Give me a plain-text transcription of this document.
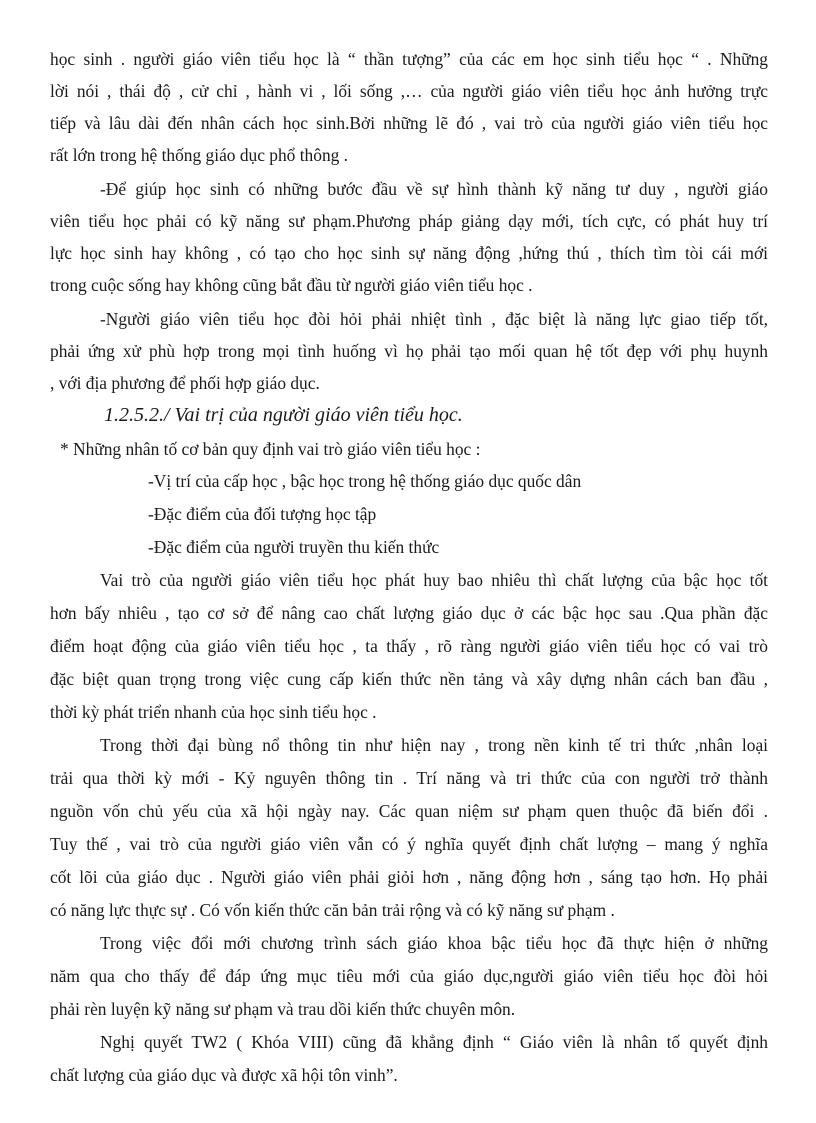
học sinh . người giáo viên tiểu học là “ thần tượng” của các em học sinh tiểu học “ . Những
lời nói , thái độ , cử chỉ , hành vi , lối sống ,… của người giáo viên tiểu học ảnh hưởng trực
tiếp và lâu dài đến nhân cách học sinh.Bởi những lẽ đó , vai trò của người giáo viên tiểu học
rất lớn trong hệ thống giáo dục phổ thông .
-Để giúp học sinh có những bước đầu về sự hình thành kỹ năng tư duy , người giáo
viên tiểu học phải có kỹ năng sư phạm.Phương pháp giảng dạy mới, tích cực, có phát huy trí
lực học sinh hay không , có tạo cho học sinh sự năng động ,hứng thú , thích tìm tòi cái mới
trong cuộc sống hay không cũng bắt đầu từ người giáo viên tiểu học .
-Người giáo viên tiểu học đòi hỏi phải nhiệt tình , đặc biệt là năng lực giao tiếp tốt,
phải ứng xử phù hợp trong mọi tình huống vì họ phải tạo mối quan hệ tốt đẹp với phụ huynh
, với địa phương để phối hợp giáo dục.
1.2.5.2./ Vai trị của người giáo viên tiểu học.
* Những nhân tố cơ bản quy định vai trò giáo viên tiểu học :
-Vị trí của cấp học , bậc học trong hệ thống giáo dục quốc dân
-Đặc điểm của đối tượng học tập
-Đặc điểm của người truyền thu kiến thức
Vai trò của người giáo viên tiểu học phát huy bao nhiêu thì chất lượng của bậc học tốt
hơn bấy nhiêu , tạo cơ sở để nâng cao chất lượng giáo dục ở các bậc học sau .Qua phần đặc
điểm hoạt động của giáo viên tiểu học , ta thấy , rõ ràng người giáo viên tiểu học có vai trò
đặc biệt quan trọng trong việc cung cấp kiến thức nền tảng và xây dựng nhân cách ban đầu ,
thời kỳ phát triển nhanh của học sinh tiểu học .
Trong thời đại bùng nổ thông tin như hiện nay , trong nền kinh tế tri thức ,nhân loại
trải qua thời kỳ mới - Kỷ nguyên thông tin . Trí năng và tri thức của con người trở thành
nguồn vốn chủ yếu của xã hội ngày nay. Các quan niệm sư phạm quen thuộc đã biến đổi .
Tuy thế , vai trò của người giáo viên vẫn có ý nghĩa quyết định chất lượng – mang ý nghĩa
cốt lõi của giáo dục . Người giáo viên phải giỏi hơn , năng động hơn , sáng tạo hơn. Họ phải
có năng lực thực sự . Có vốn kiến thức căn bản trải rộng và có kỹ năng sư phạm .
Trong việc đổi mới chương trình sách giáo khoa bậc tiểu học đã thực hiện ở những
năm qua cho thấy để đáp ứng mục tiêu mới của giáo dục,người giáo viên tiểu học đòi hỏi
phải rèn luyện kỹ năng sư phạm và trau dồi kiến thức chuyên môn.
Nghị quyết TW2 ( Khóa VIII) cũng đã khẳng định “ Giáo viên là nhân tố quyết định
chất lượng của giáo dục và được xã hội tôn vinh”.
